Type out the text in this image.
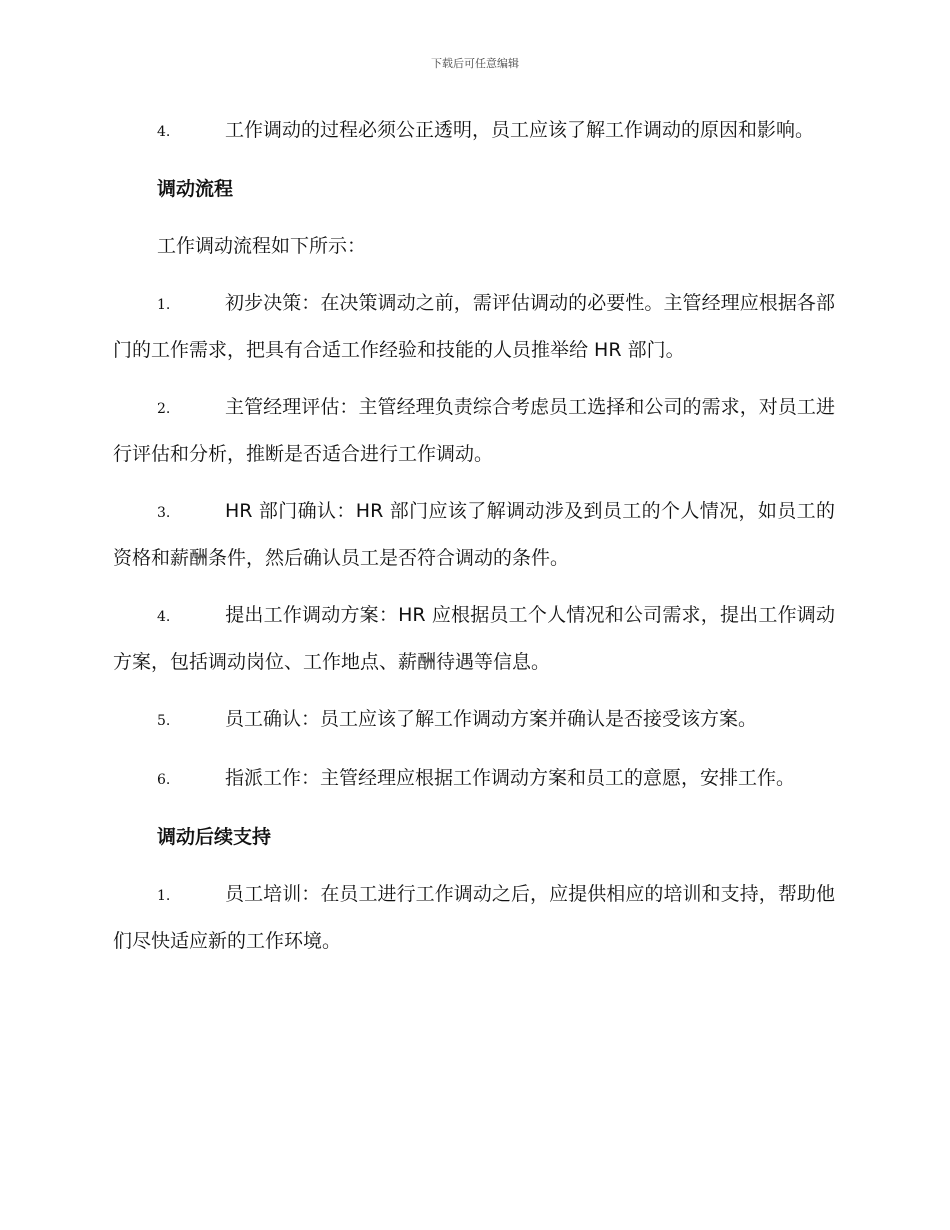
下载后可任意编辑

4.	工作调动的过程必须公正透明，员工应该了解工作调动的原因和影响。

调动流程

工作调动流程如下所示：

1.	初步决策：在决策调动之前，需评估调动的必要性。主管经理应根据各部门的工作需求，把具有合适工作经验和技能的人员推举给 HR 部门。

2.	主管经理评估：主管经理负责综合考虑员工选择和公司的需求，对员工进行评估和分析，推断是否适合进行工作调动。

3.	HR 部门确认：HR 部门应该了解调动涉及到员工的个人情况，如员工的资格和薪酬条件，然后确认员工是否符合调动的条件。

4.	提出工作调动方案：HR 应根据员工个人情况和公司需求，提出工作调动方案，包括调动岗位、工作地点、薪酬待遇等信息。

5.	员工确认：员工应该了解工作调动方案并确认是否接受该方案。

6.	指派工作：主管经理应根据工作调动方案和员工的意愿，安排工作。

调动后续支持

1.	员工培训：在员工进行工作调动之后，应提供相应的培训和支持，帮助他们尽快适应新的工作环境。
